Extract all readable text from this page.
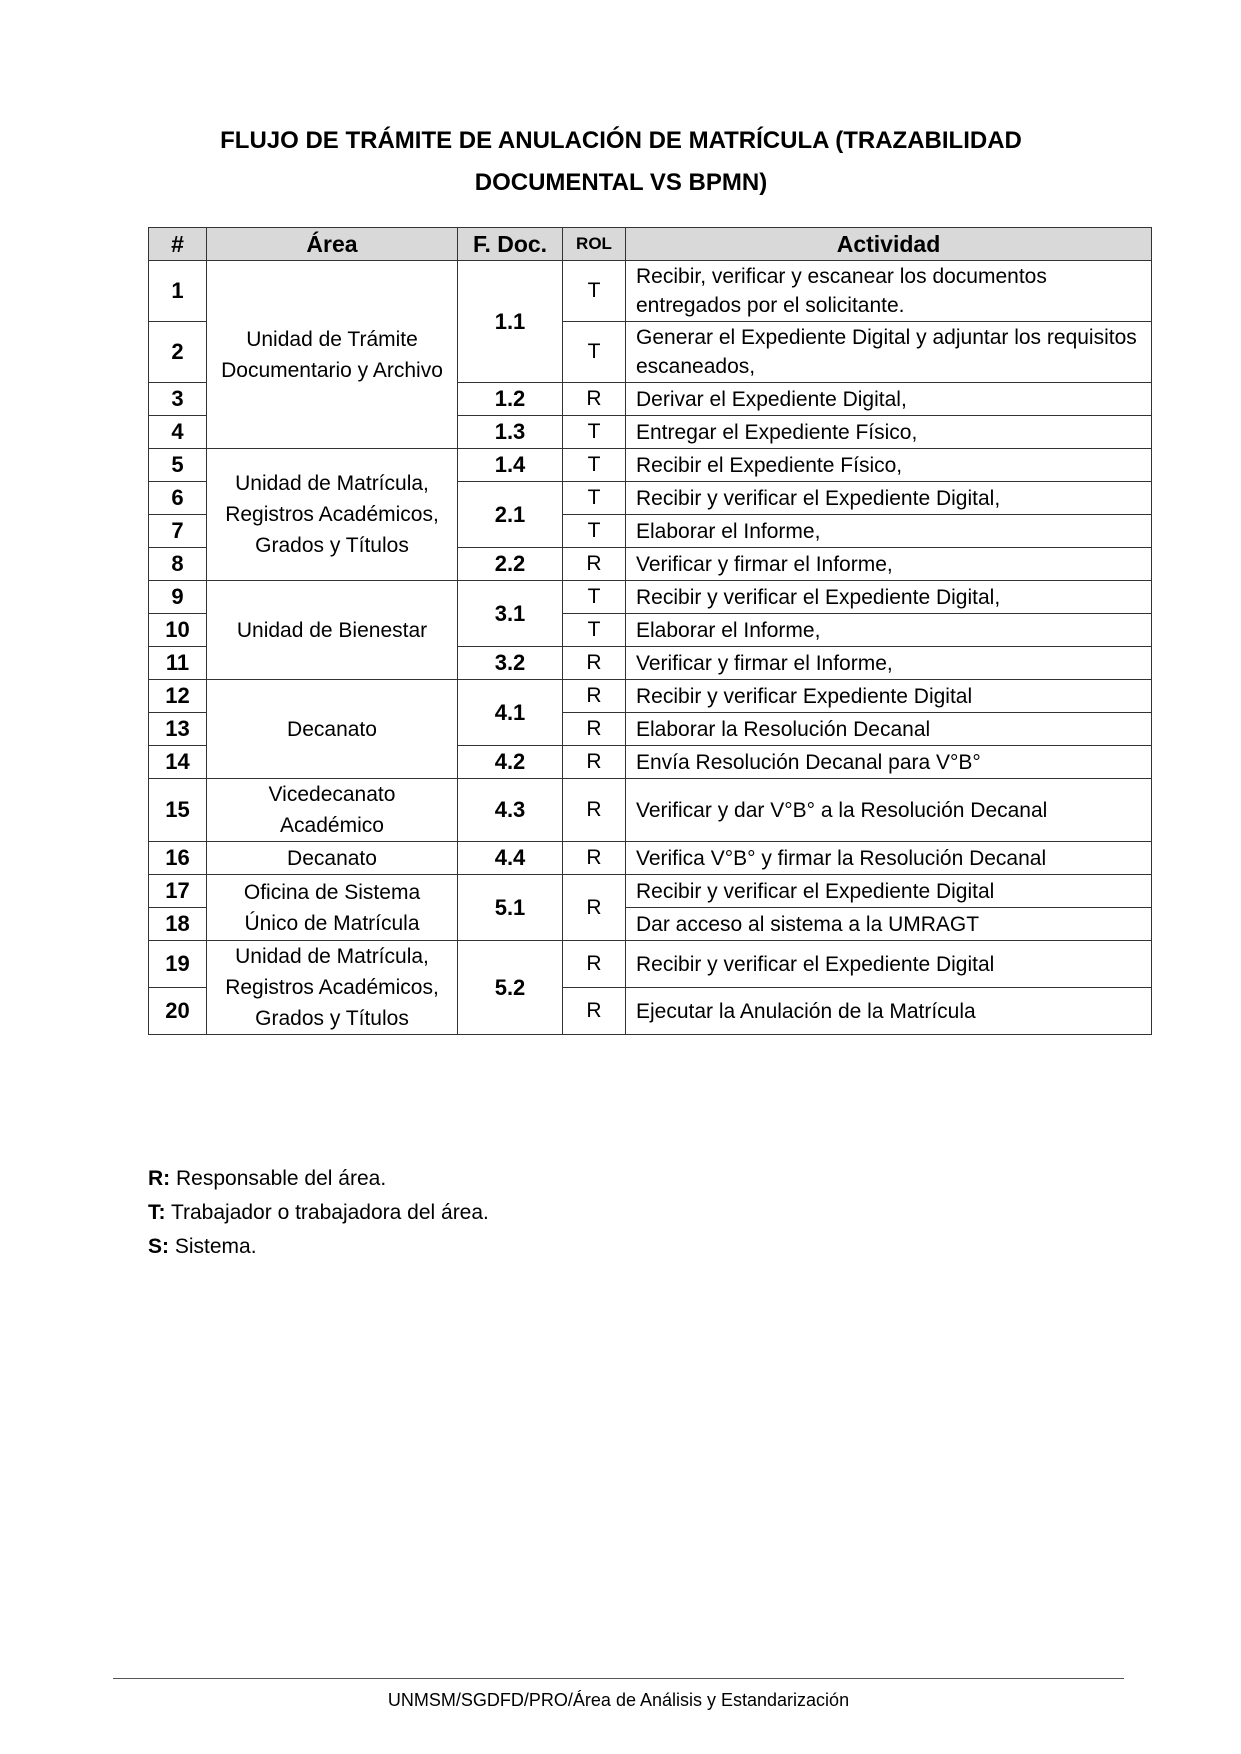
FLUJO DE TRÁMITE DE ANULACIÓN DE MATRÍCULA (TRAZABILIDAD DOCUMENTAL VS BPMN)
#	Área	F. Doc.	ROL	Actividad
1	Unidad de Trámite Documentario y Archivo	1.1	T	Recibir, verificar y escanear los documentos entregados por el solicitante.
2			T	Generar el Expediente Digital y adjuntar los requisitos escaneados,
3		1.2	R	Derivar el Expediente Digital,
4		1.3	T	Entregar el Expediente Físico,
5	Unidad de Matrícula, Registros Académicos, Grados y Títulos	1.4	T	Recibir el Expediente Físico,
6		2.1	T	Recibir y verificar el Expediente Digital,
7			T	Elaborar el Informe,
8		2.2	R	Verificar y firmar el Informe,
9	Unidad de Bienestar	3.1	T	Recibir y verificar el Expediente Digital,
10			T	Elaborar el Informe,
11		3.2	R	Verificar y firmar el Informe,
12	Decanato	4.1	R	Recibir y verificar Expediente Digital
13			R	Elaborar la Resolución Decanal
14		4.2	R	Envía Resolución Decanal para V°B°
15	Vicedecanato Académico	4.3	R	Verificar y dar V°B° a la Resolución Decanal
16	Decanato	4.4	R	Verifica V°B° y firmar la Resolución Decanal
17	Oficina de Sistema Único de Matrícula	5.1	R	Recibir y verificar el Expediente Digital
18				Dar acceso al sistema a la UMRAGT
19	Unidad de Matrícula, Registros Académicos, Grados y Títulos	5.2	R	Recibir y verificar el Expediente Digital
20			R	Ejecutar la Anulación de la Matrícula
R: Responsable del área.
T: Trabajador o trabajadora del área.
S: Sistema.
UNMSM/SGDFD/PRO/Área de Análisis y Estandarización
